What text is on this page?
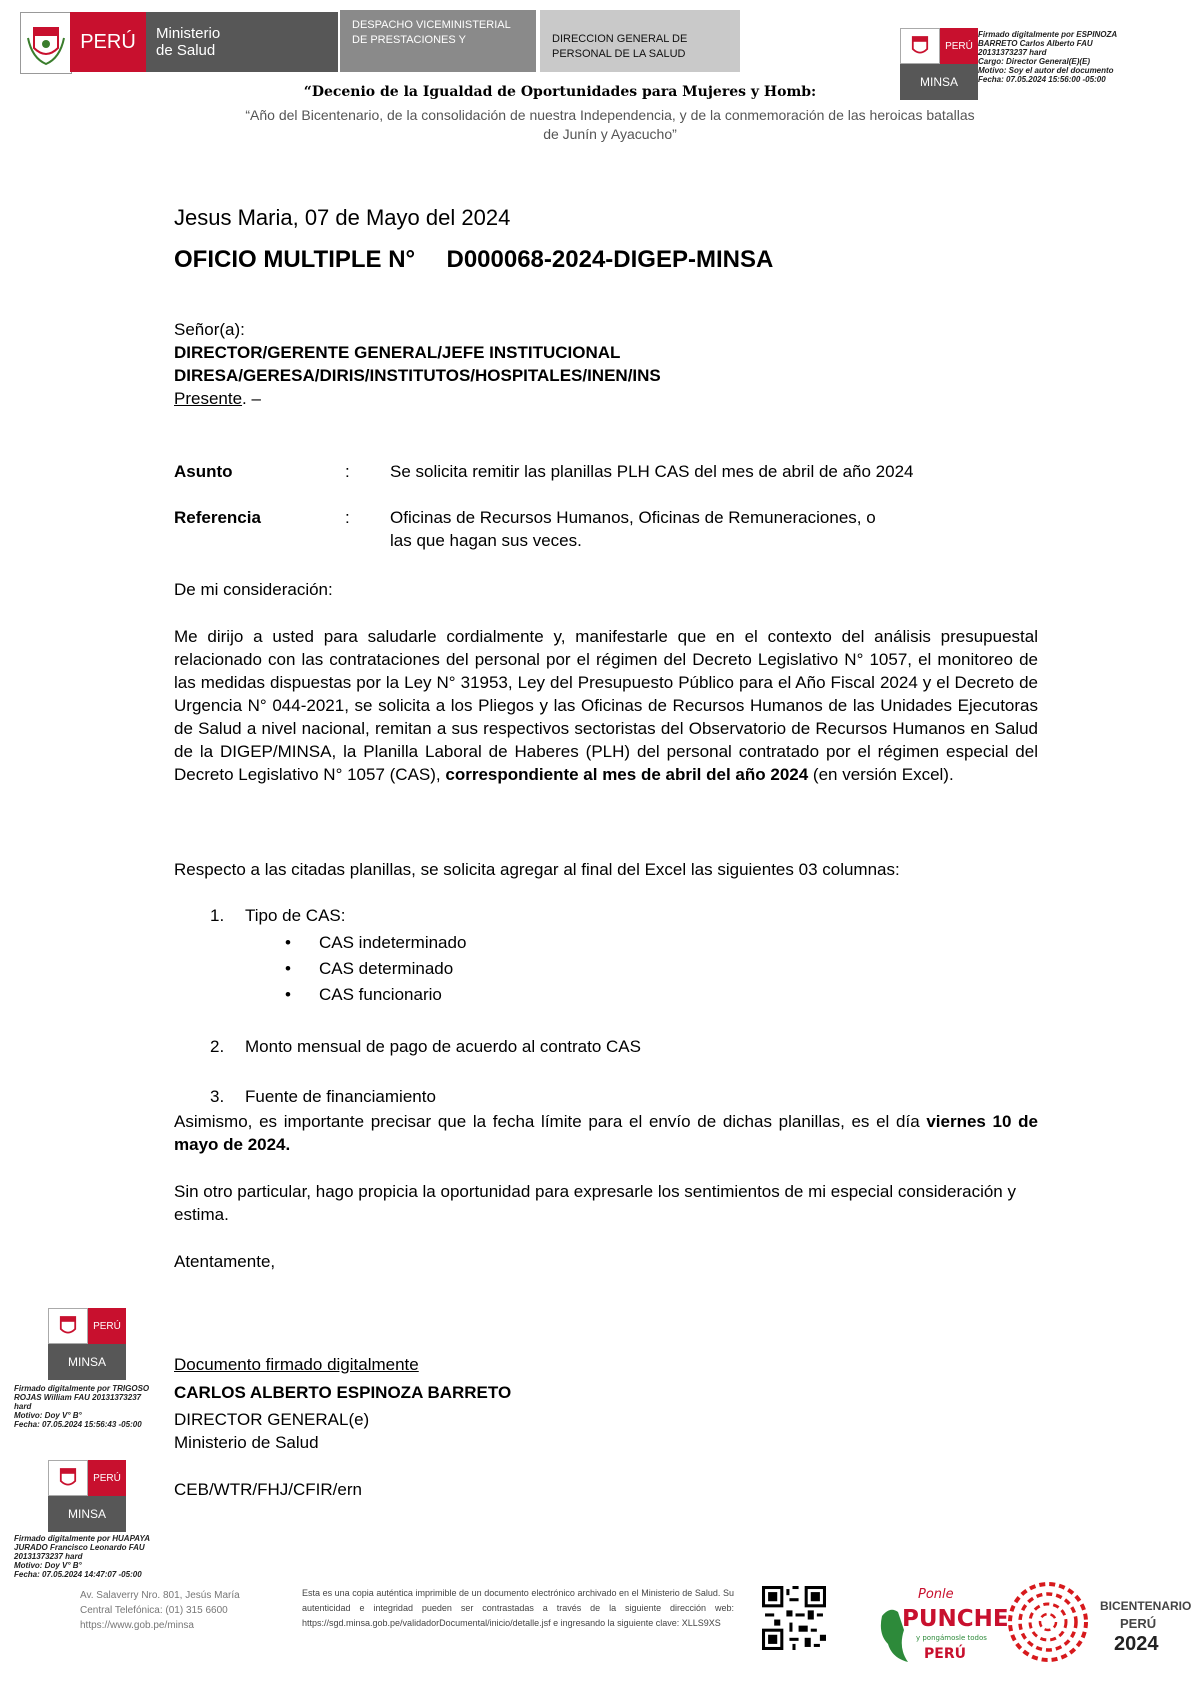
PERÚ	Ministerio
de Salud
DESPACHO VICEMINISTERIAL DE PRESTACIONES Y	DIRECCION GENERAL DE PERSONAL DE LA SALUD
PERÚ
MINSA
Firmado digitalmente por ESPINOZA
BARRETO Carlos Alberto FAU
20131373237 hard
Cargo: Director General(E)(E)
Motivo: Soy el autor del documento
Fecha: 07.05.2024 15:56:00 -05:00
“Decenio de la Igualdad de Oportunidades para Mujeres y Homb:
“Año del Bicentenario, de la consolidación de nuestra Independencia, y de la conmemoración de las heroicas batallas
de Junín y Ayacucho”
Jesus Maria, 07 de Mayo del 2024
OFICIO MULTIPLE N° D000068-2024-DIGEP-MINSA
Señor(a):
DIRECTOR/GERENTE GENERAL/JEFE INSTITUCIONAL
DIRESA/GERESA/DIRIS/INSTITUTOS/HOSPITALES/INEN/INS
Presente. –
Asunto	: Se solicita remitir las planillas PLH CAS del mes de abril de año 2024
Referencia	: Oficinas de Recursos Humanos, Oficinas de Remuneraciones, o
las que hagan sus veces.
De mi consideración:
Me dirijo a usted para saludarle cordialmente y, manifestarle que en el contexto del análisis presupuestal relacionado con las contrataciones del personal por el régimen del Decreto Legislativo N° 1057, el monitoreo de las medidas dispuestas por la Ley N° 31953, Ley del Presupuesto Público para el Año Fiscal 2024 y el Decreto de Urgencia N° 044-2021, se solicita a los Pliegos y las Oficinas de Recursos Humanos de las Unidades Ejecutoras de Salud a nivel nacional, remitan a sus respectivos sectoristas del Observatorio de Recursos Humanos en Salud de la DIGEP/MINSA, la Planilla Laboral de Haberes (PLH) del personal contratado por el régimen especial del Decreto Legislativo N° 1057 (CAS), correspondiente al mes de abril del año 2024 (en versión Excel).
Respecto a las citadas planillas, se solicita agregar al final del Excel las siguientes 03 columnas:
1. Tipo de CAS:
• CAS indeterminado
• CAS determinado
• CAS funcionario
2. Monto mensual de pago de acuerdo al contrato CAS
3. Fuente de financiamiento
Asimismo, es importante precisar que la fecha límite para el envío de dichas planillas, es el día viernes 10 de mayo de 2024.
Sin otro particular, hago propicia la oportunidad para expresarle los sentimientos de mi especial consideración y estima.
Atentamente,
PERÚ
MINSA
Firmado digitalmente por TRIGOSO
ROJAS William FAU 20131373237
hard
Motivo: Doy V° B°
Fecha: 07.05.2024 15:56:43 -05:00
Documento firmado digitalmente
CARLOS ALBERTO ESPINOZA BARRETO
DIRECTOR GENERAL(e)
Ministerio de Salud
CEB/WTR/FHJ/CFIR/ern
PERÚ
MINSA
Firmado digitalmente por HUAPAYA
JURADO Francisco Leonardo FAU
20131373237 hard
Motivo: Doy V° B°
Fecha: 07.05.2024 14:47:07 -05:00
Av. Salaverry Nro. 801, Jesús María
Central Telefónica: (01) 315 6600
https://www.gob.pe/minsa
Esta es una copia auténtica imprimible de un documento electrónico archivado en el Ministerio de Salud. Su autenticidad e integridad pueden ser contrastadas a través de la siguiente dirección web: https://sgd.minsa.gob.pe/validadorDocumental/inicio/detalle.jsf e ingresando la siguiente clave: XLLS9XS
Ponle
PUNCHE
y pongámosle todos
PERÚ
BICENTENARIO
PERÚ
2024
